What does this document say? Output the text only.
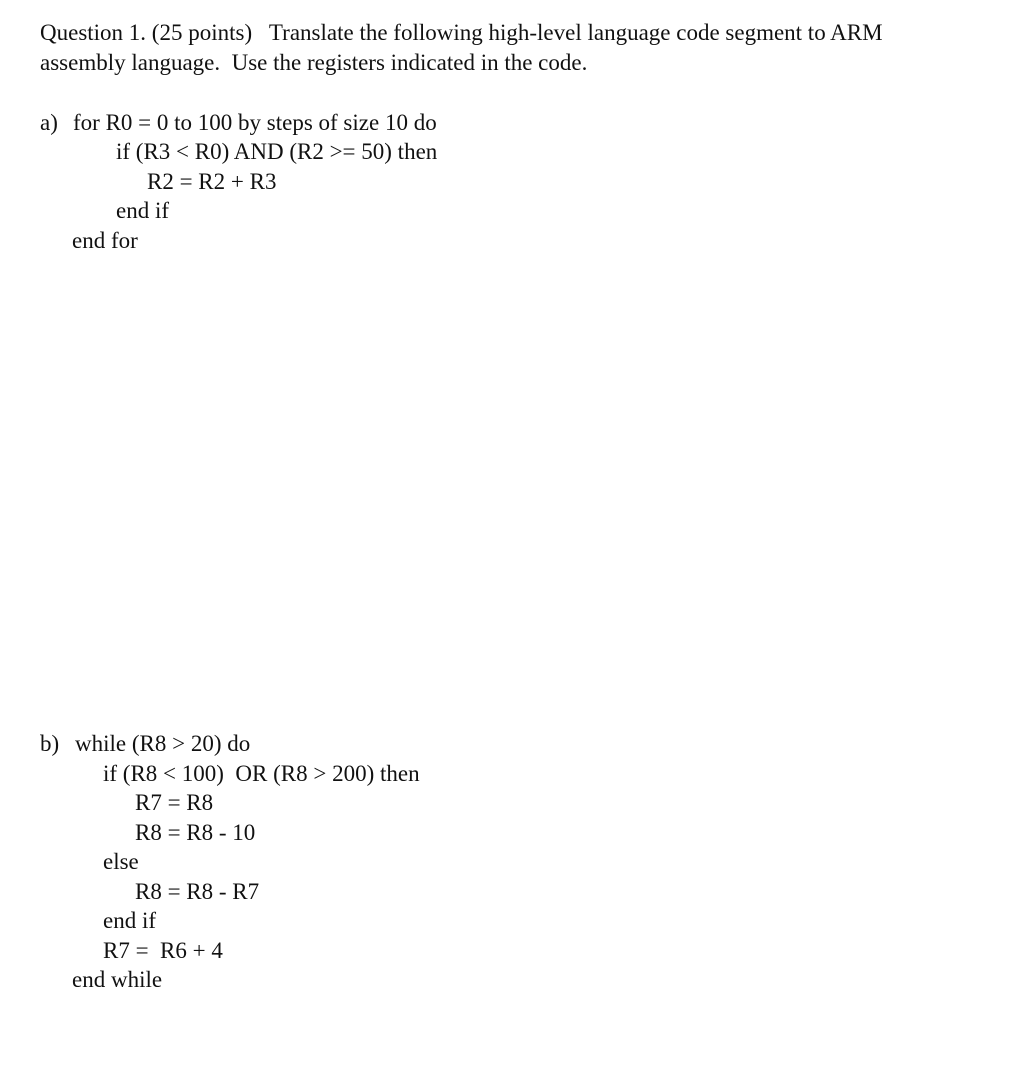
Question 1. (25 points)   Translate the following high-level language code segment to ARM
assembly language.  Use the registers indicated in the code.
a) for R0 = 0 to 100 by steps of size 10 do
if (R3 < R0) AND (R2 >= 50) then
R2 = R2 + R3
end if
end for
b) while (R8 > 20) do
if (R8 < 100)  OR (R8 > 200) then
R7 = R8
R8 = R8 - 10
else
R8 = R8 - R7
end if
R7 =  R6 + 4
end while
